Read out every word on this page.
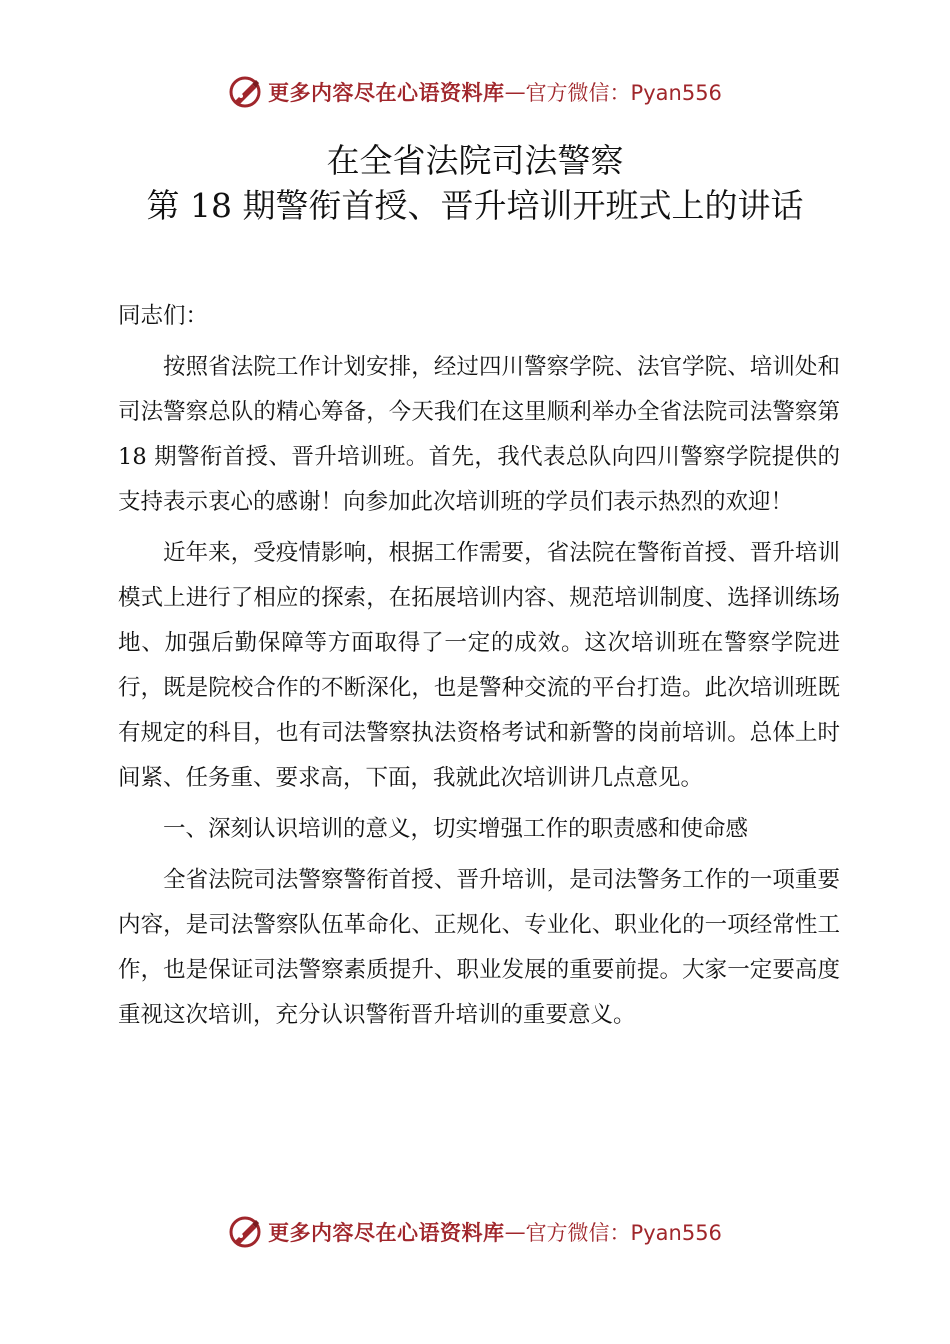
更多内容尽在心语资料库 — 官方微信：Pyan556
在全省法院司法警察
第 18 期警衔首授、晋升培训开班式上的讲话

同志们：

按照省法院工作计划安排，经过四川警察学院、法官学院、培训处和司法警察总队的精心筹备，今天我们在这里顺利举办全省法院司法警察第 18 期警衔首授、晋升培训班。首先，我代表总队向四川警察学院提供的支持表示衷心的感谢！向参加此次培训班的学员们表示热烈的欢迎！

近年来，受疫情影响，根据工作需要，省法院在警衔首授、晋升培训模式上进行了相应的探索，在拓展培训内容、规范培训制度、选择训练场地、加强后勤保障等方面取得了一定的成效。这次培训班在警察学院进行，既是院校合作的不断深化，也是警种交流的平台打造。此次培训班既有规定的科目，也有司法警察执法资格考试和新警的岗前培训。总体上时间紧、任务重、要求高，下面，我就此次培训讲几点意见。

一、深刻认识培训的意义，切实增强工作的职责感和使命感

全省法院司法警察警衔首授、晋升培训，是司法警务工作的一项重要内容，是司法警察队伍革命化、正规化、专业化、职业化的一项经常性工作，也是保证司法警察素质提升、职业发展的重要前提。大家一定要高度重视这次培训，充分认识警衔晋升培训的重要意义。

更多内容尽在心语资料库 — 官方微信：Pyan556
